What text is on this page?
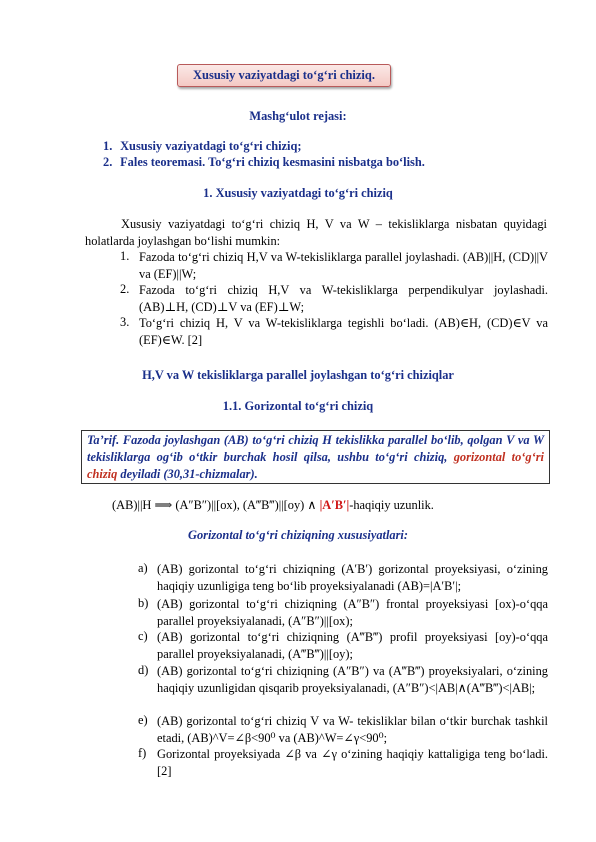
Xususiy vaziyatdagi to‘g‘ri chiziq.
Mashg‘ulot rejasi:
1. Xususiy vaziyatdagi to‘g‘ri chiziq;
2. Fales teoremasi. To‘g‘ri chiziq kesmasini nisbatga bo‘lish.
1. Xususiy vaziyatdagi to‘g‘ri chiziq
Xususiy vaziyatdagi to‘g‘ri chiziq H, V va W – tekisliklarga nisbatan quyidagi holatlarda joylashgan bo‘lishi mumkin:
1. Fazoda to‘g‘ri chiziq H,V va W-tekisliklarga parallel joylashadi. (AB)||H, (CD)||V va (EF)||W;
2. Fazoda to‘g‘ri chiziq H,V va W-tekisliklarga perpendikulyar joylashadi. (AB)⊥H, (CD)⊥V va (EF)⊥W;
3. To‘g‘ri chiziq H, V va W-tekisliklarga tegishli bo‘ladi. (AB)∈H, (CD)∈V va (EF)∈W. [2]
H,V va W tekisliklarga parallel joylashgan to‘g‘ri chiziqlar
1.1. Gorizontal to‘g‘ri chiziq
Ta’rif. Fazoda joylashgan (AB) to‘g‘ri chiziq H tekislikka parallel bo‘lib, qolgan V va W tekisliklarga og‘ib o‘tkir burchak hosil qilsa, ushbu to‘g‘ri chiziq, gorizontal to‘g‘ri chiziq deyiladi (30,31-chizmalar).
(AB)||H ⟹ (A″B″)||[ox), (A‴B‴)||[oy) ∧ |A′B′|-haqiqiy uzunlik.
Gorizontal to‘g‘ri chiziqning xususiyatlari:
a) (AB) gorizontal to‘g‘ri chiziqning (A′B′) gorizontal proyeksiyasi, o‘zining haqiqiy uzunligiga teng bo‘lib proyeksiyalanadi (AB)=|A′B′|;
b) (AB) gorizontal to‘g‘ri chiziqning (A″B″) frontal proyeksiyasi [ox)-o‘qqa parallel proyeksiyalanadi, (A″B″)||[ox);
c) (AB) gorizontal to‘g‘ri chiziqning (A‴B‴) profil proyeksiyasi [oy)-o‘qqa parallel proyeksiyalanadi, (A‴B‴)||[oy);
d) (AB) gorizontal to‘g‘ri chiziqning (A″B″) va (A‴B‴) proyeksiyalari, o‘zining haqiqiy uzunligidan qisqarib proyeksiyalanadi, (A″B″)<|AB|∧(A‴B‴)<|AB|;
e) (AB) gorizontal to‘g‘ri chiziq V va W- tekisliklar bilan o‘tkir burchak tashkil etadi, (AB)^V=∠β<90⁰ va (AB)^W=∠γ<90⁰;
f) Gorizontal proyeksiyada ∠β va ∠γ o‘zining haqiqiy kattaligiga teng bo‘ladi. [2]
